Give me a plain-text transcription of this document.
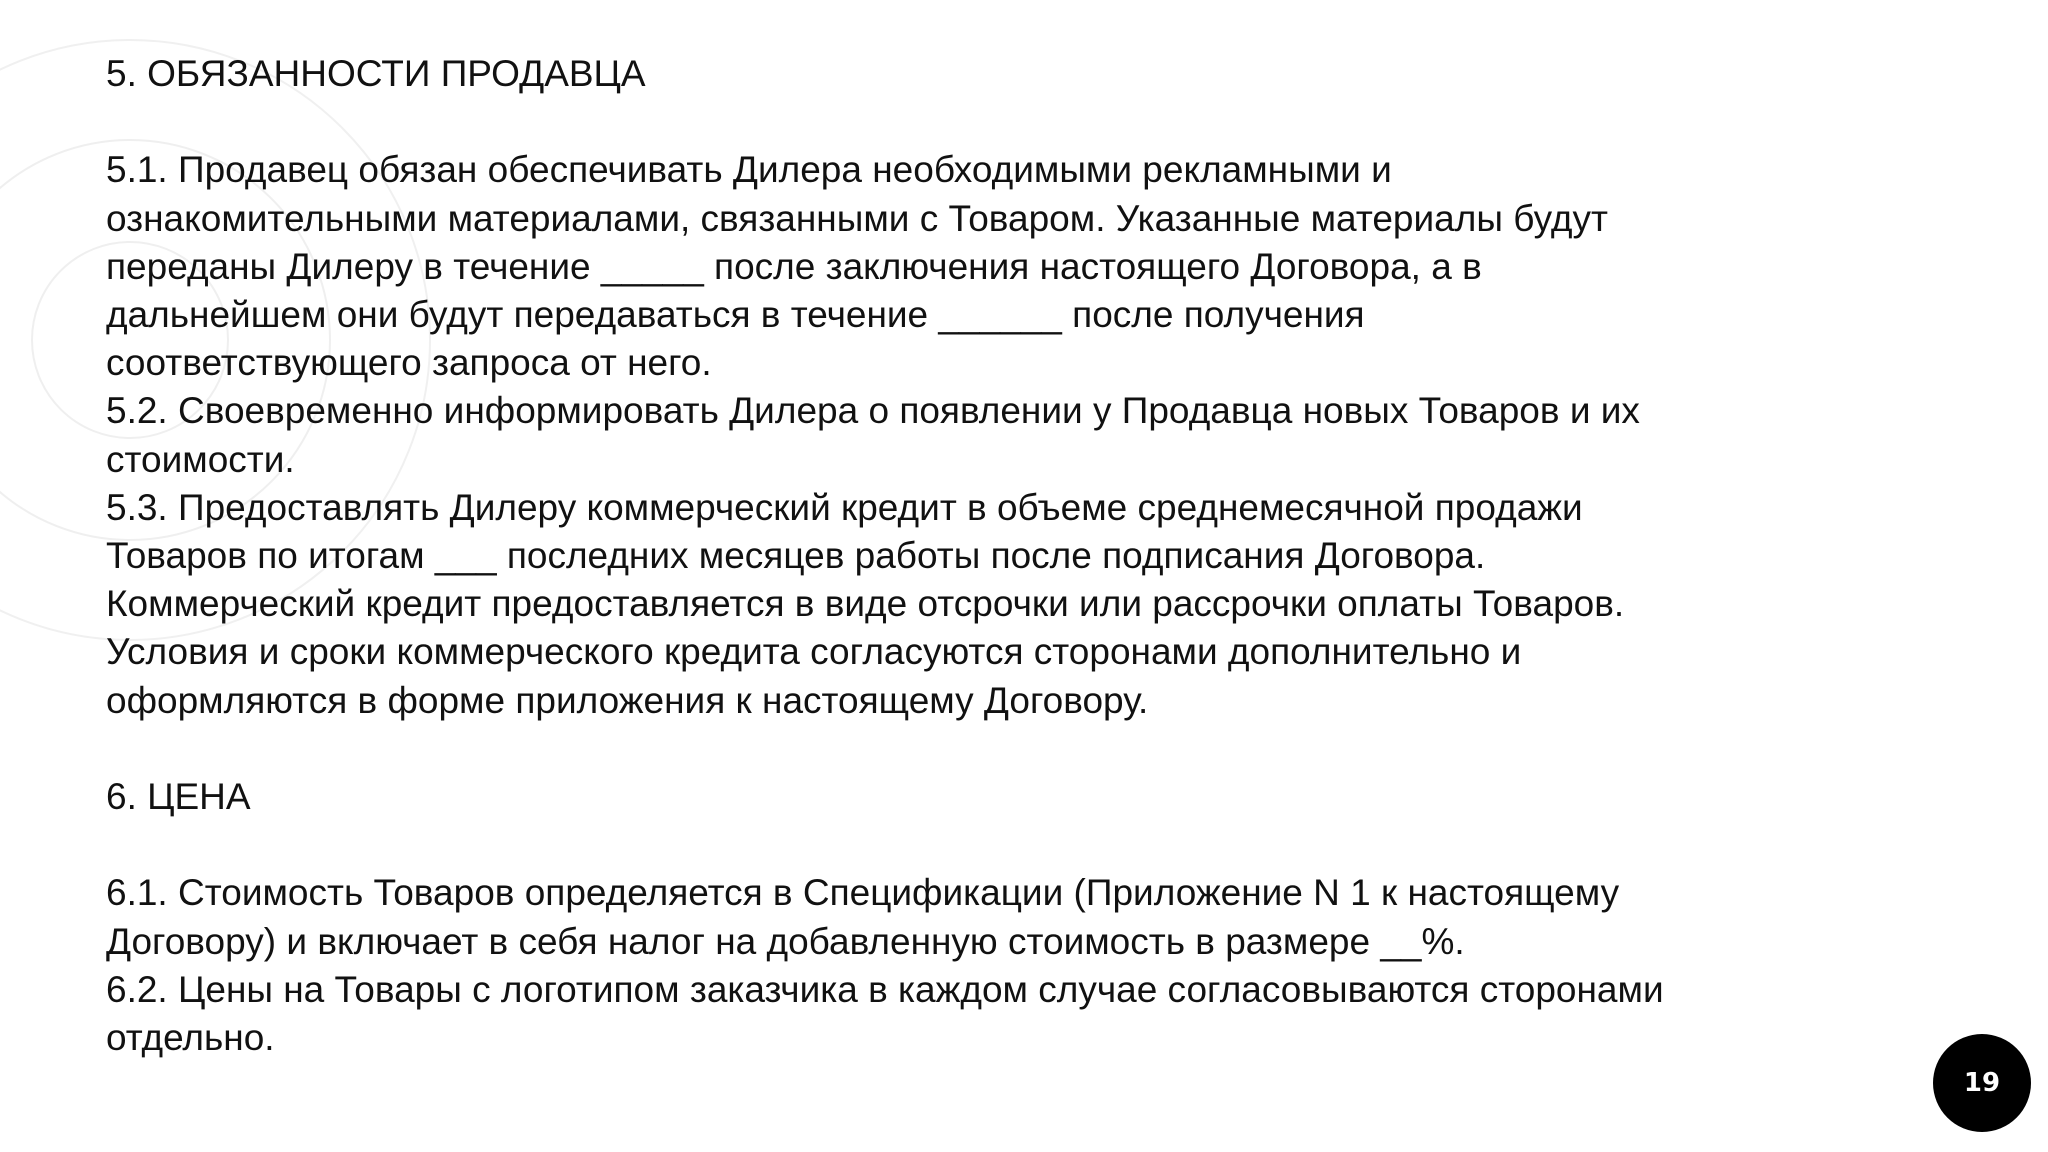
5. ОБЯЗАННОСТИ ПРОДАВЦА

5.1. Продавец обязан обеспечивать Дилера необходимыми рекламными и
ознакомительными материалами, связанными с Товаром. Указанные материалы будут
переданы Дилеру в течение _____ после заключения настоящего Договора, а в
дальнейшем они будут передаваться в течение ______ после получения
соответствующего запроса от него.
5.2. Своевременно информировать Дилера о появлении у Продавца новых Товаров и их
стоимости.
5.3. Предоставлять Дилеру коммерческий кредит в объеме среднемесячной продажи
Товаров по итогам ___ последних месяцев работы после подписания Договора.
Коммерческий кредит предоставляется в виде отсрочки или рассрочки оплаты Товаров.
Условия и сроки коммерческого кредита согласуются сторонами дополнительно и
оформляются в форме приложения к настоящему Договору.

6. ЦЕНА

6.1. Стоимость Товаров определяется в Спецификации (Приложение N 1 к настоящему
Договору) и включает в себя налог на добавленную стоимость в размере __%.
6.2. Цены на Товары с логотипом заказчика в каждом случае согласовываются сторонами
отдельно.

19
